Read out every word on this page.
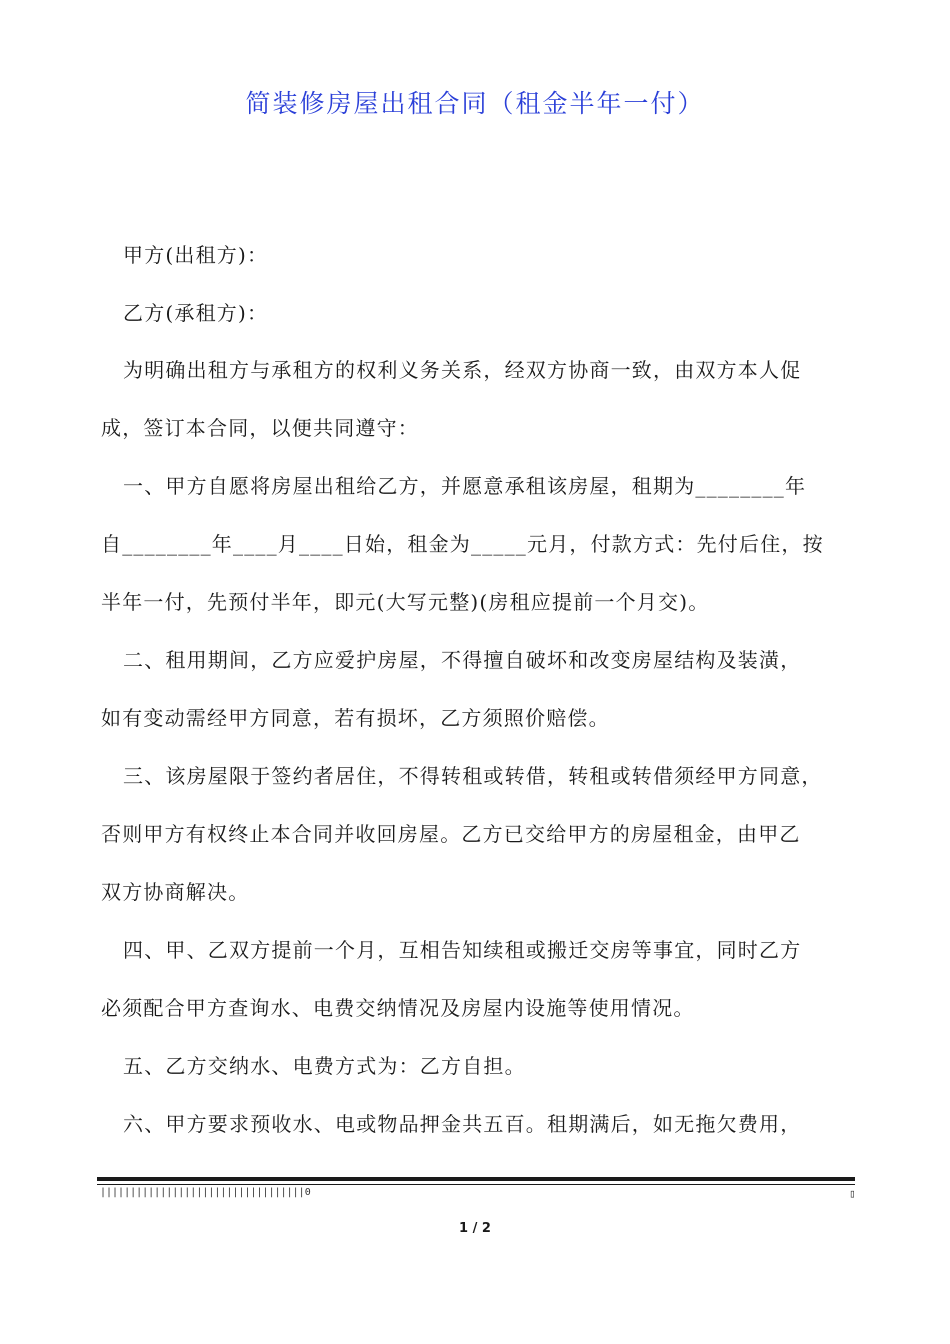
简装修房屋出租合同（租金半年一付）

甲方(出租方)：

乙方(承租方)：

为明确出租方与承租方的权利义务关系，经双方协商一致，由双方本人促

成，签订本合同，以便共同遵守：

一、甲方自愿将房屋出租给乙方，并愿意承租该房屋，租期为________年

自________年____月____日始，租金为_____元月，付款方式：先付后住，按

半年一付，先预付半年，即元(大写元整)(房租应提前一个月交)。

二、租用期间，乙方应爱护房屋，不得擅自破坏和改变房屋结构及装潢，

如有变动需经甲方同意，若有损坏，乙方须照价赔偿。

三、该房屋限于签约者居住，不得转租或转借，转租或转借须经甲方同意，

否则甲方有权终止本合同并收回房屋。乙方已交给甲方的房屋租金，由甲乙

双方协商解决。

四、甲、乙双方提前一个月，互相告知续租或搬迁交房等事宜，同时乙方

必须配合甲方查询水、电费交纳情况及房屋内设施等使用情况。

五、乙方交纳水、电费方式为：乙方自担。

六、甲方要求预收水、电或物品押金共五百。租期满后，如无拖欠费用，

||||||||||||||||||||||||||||||||||0	▯
1 / 2
